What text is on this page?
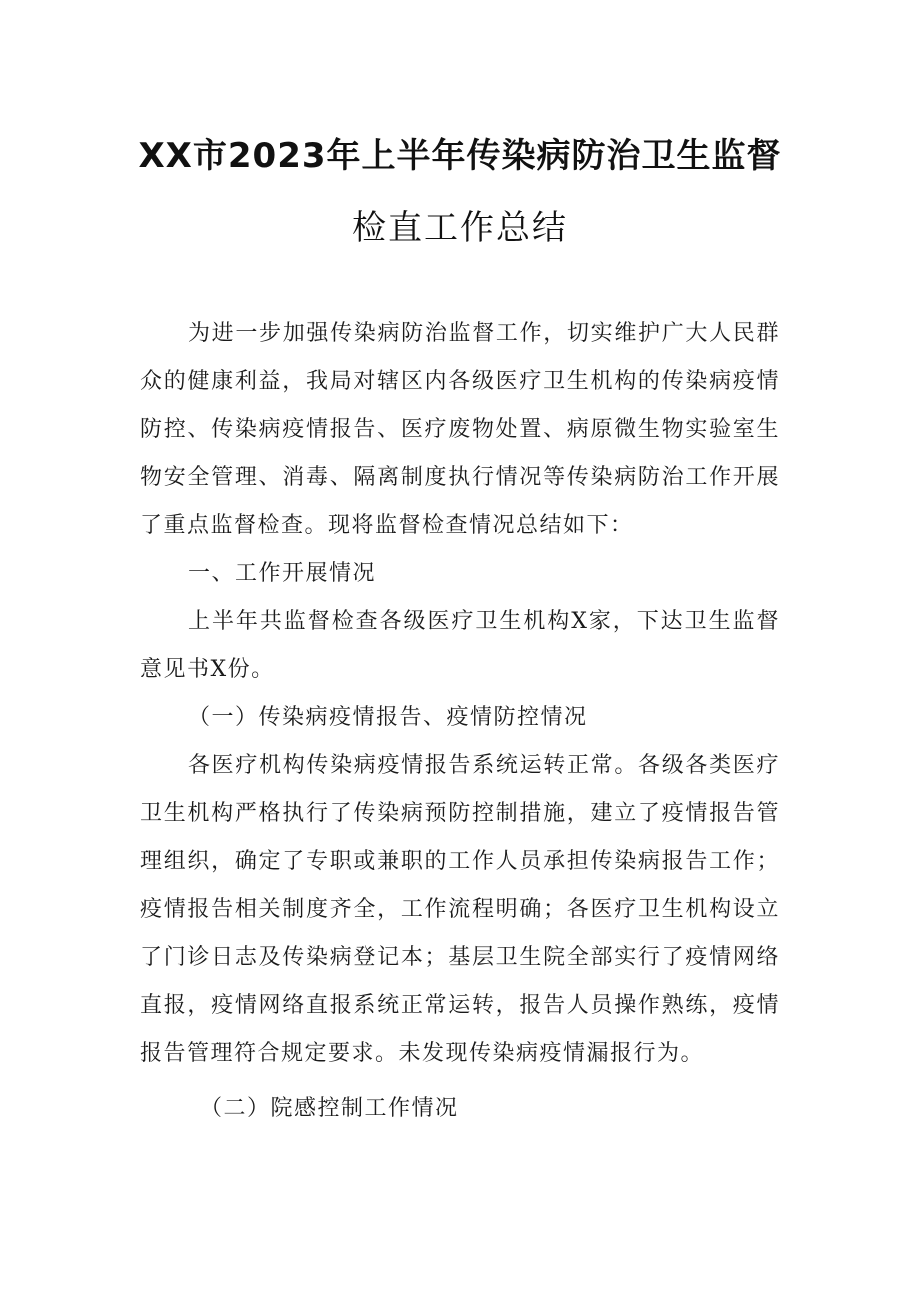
XX市2023年上半年传染病防治卫生监督
检直工作总结

为进一步加强传染病防治监督工作，切实维护广大人民群众的健康利益，我局对辖区内各级医疗卫生机构的传染病疫情防控、传染病疫情报告、医疗废物处置、病原微生物实验室生物安全管理、消毒、隔离制度执行情况等传染病防治工作开展了重点监督检查。现将监督检查情况总结如下：

一、工作开展情况

上半年共监督检查各级医疗卫生机构X家，下达卫生监督意见书X份。

（一）传染病疫情报告、疫情防控情况

各医疗机构传染病疫情报告系统运转正常。各级各类医疗卫生机构严格执行了传染病预防控制措施，建立了疫情报告管理组织，确定了专职或兼职的工作人员承担传染病报告工作；疫情报告相关制度齐全，工作流程明确；各医疗卫生机构设立了门诊日志及传染病登记本；基层卫生院全部实行了疫情网络直报，疫情网络直报系统正常运转，报告人员操作熟练，疫情报告管理符合规定要求。未发现传染病疫情漏报行为。

（二）院感控制工作情况
